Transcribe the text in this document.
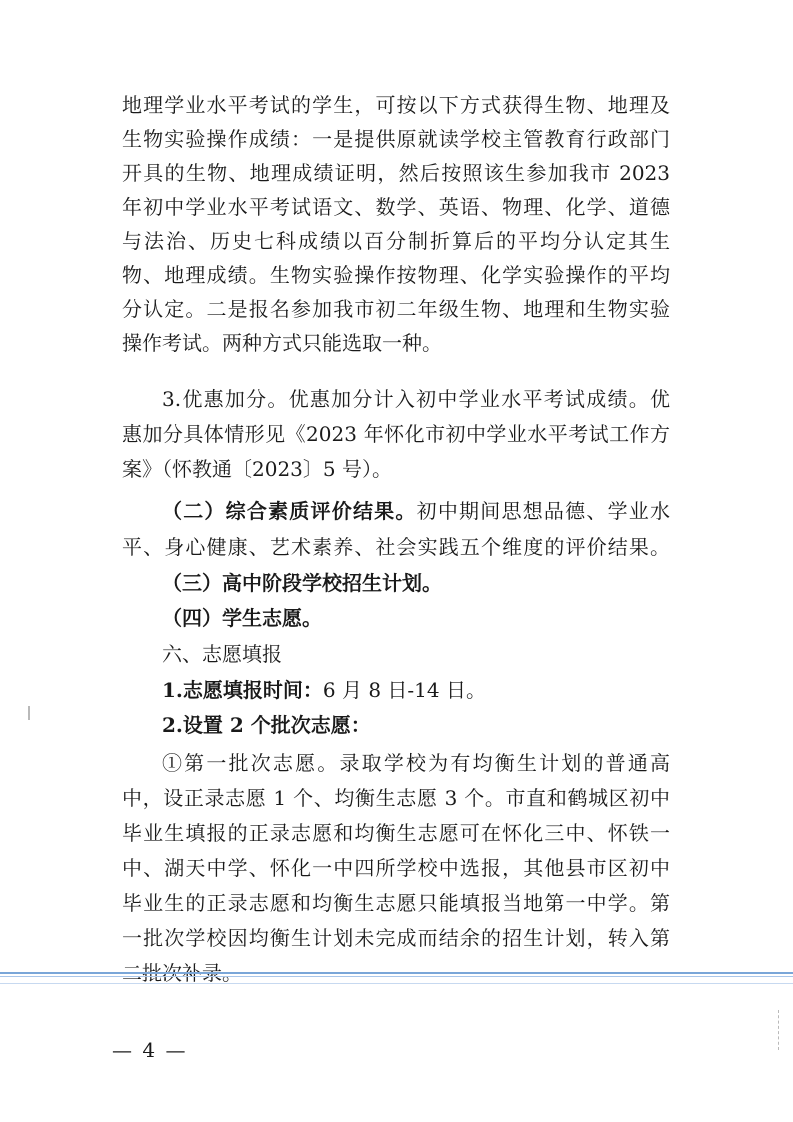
地理学业水平考试的学生，可按以下方式获得生物、地理及
生物实验操作成绩：一是提供原就读学校主管教育行政部门
开具的生物、地理成绩证明，然后按照该生参加我市 2023
年初中学业水平考试语文、数学、英语、物理、化学、道德
与法治、历史七科成绩以百分制折算后的平均分认定其生
物、地理成绩。生物实验操作按物理、化学实验操作的平均
分认定。二是报名参加我市初二年级生物、地理和生物实验
操作考试。两种方式只能选取一种。
3.优惠加分。优惠加分计入初中学业水平考试成绩。优
惠加分具体情形见《2023 年怀化市初中学业水平考试工作方
案》（怀教通〔2023〕5 号）。
（二）综合素质评价结果。初中期间思想品德、学业水
平、身心健康、艺术素养、社会实践五个维度的评价结果。
（三）高中阶段学校招生计划。
（四）学生志愿。
六、志愿填报
1.志愿填报时间：6 月 8 日-14 日。
2.设置 2 个批次志愿：
①第一批次志愿。录取学校为有均衡生计划的普通高
中，设正录志愿 1 个、均衡生志愿 3 个。市直和鹤城区初中
毕业生填报的正录志愿和均衡生志愿可在怀化三中、怀铁一
中、湖天中学、怀化一中四所学校中选报，其他县市区初中
毕业生的正录志愿和均衡生志愿只能填报当地第一中学。第
一批次学校因均衡生计划未完成而结余的招生计划，转入第
— 4 —
